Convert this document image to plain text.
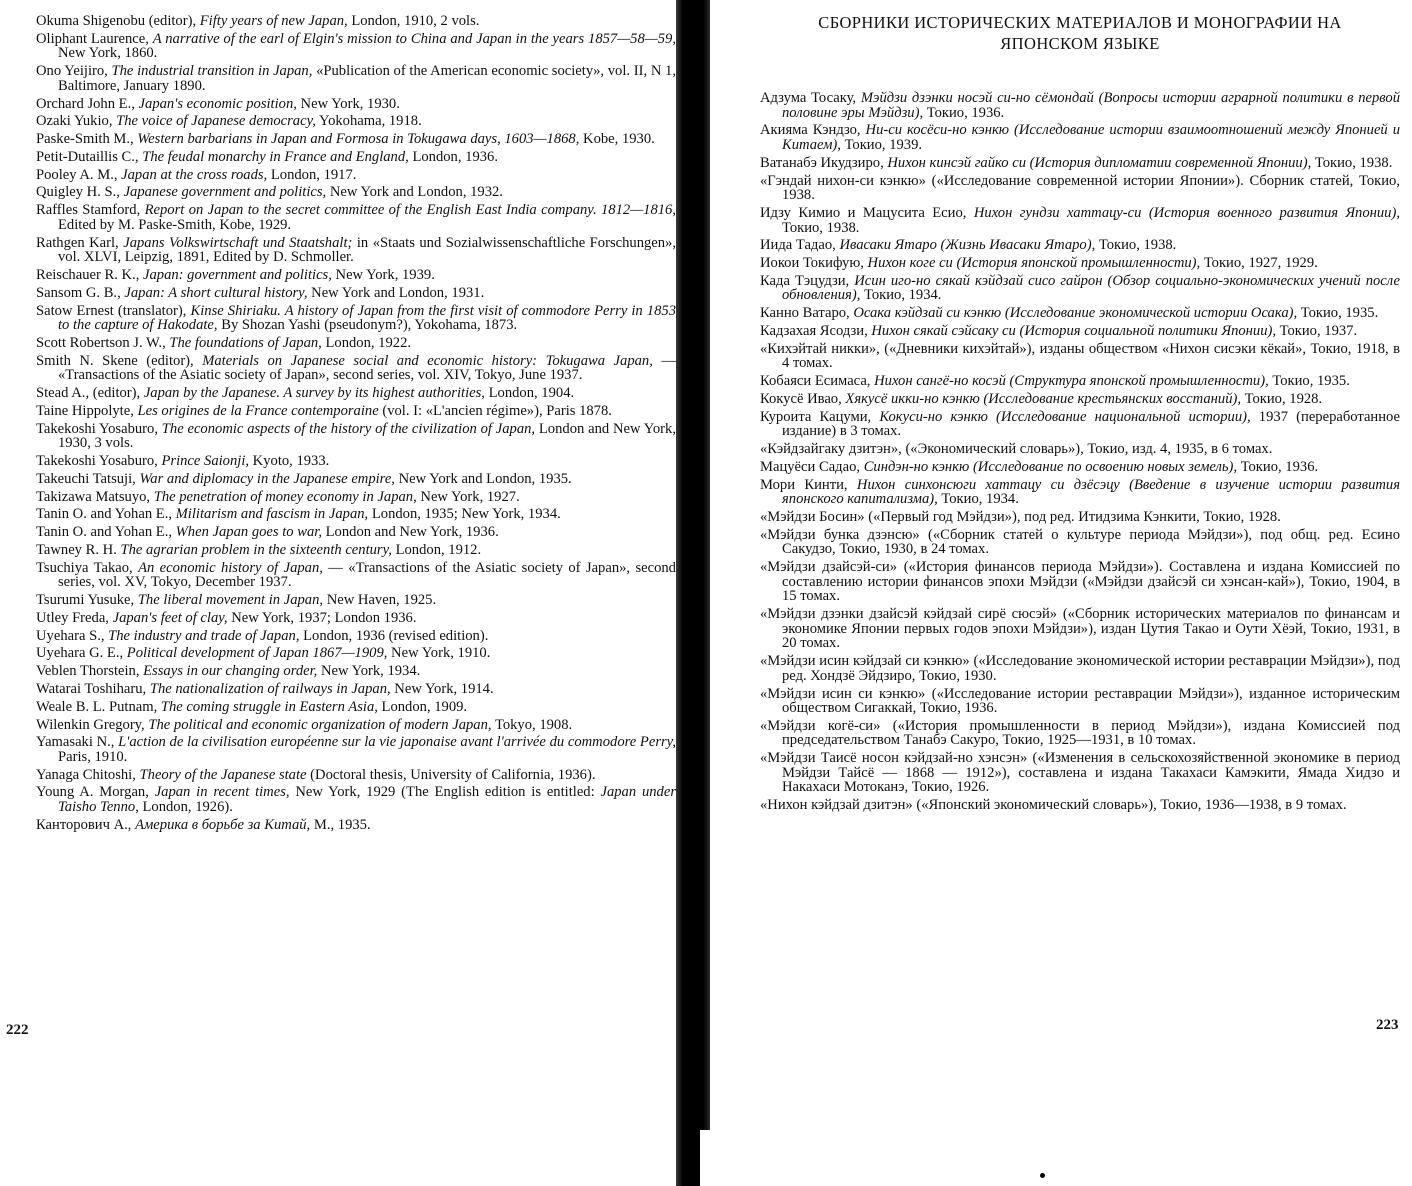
Okuma Shigenobu (editor), Fifty years of new Japan, London, 1910, 2 vols.

Oliphant Laurence, A narrative of the earl of Elgin's mission to China and Japan in the years 1857—58—59, New York, 1860.

Ono Yeijiro, The industrial transition in Japan, «Publication of the American economic society», vol. II, N 1, Baltimore, January 1890.

Orchard John E., Japan's economic position, New York, 1930.

Ozaki Yukio, The voice of Japanese democracy, Yokohama, 1918.

Paske-Smith M., Western barbarians in Japan and Formosa in Tokugawa days, 1603—1868, Kobe, 1930.

Petit-Dutaillis C., The feudal monarchy in France and England, London, 1936.

Pooley A. M., Japan at the cross roads, London, 1917.

Quigley H. S., Japanese government and politics, New York and London, 1932.

Raffles Stamford, Report on Japan to the secret committee of the English East India company. 1812—1816, Edited by M. Paske-Smith, Kobe, 1929.

Rathgen Karl, Japans Volkswirtschaft und Staatshalt; in «Staats und Sozialwissenschaftliche Forschungen», vol. XLVI, Leipzig, 1891, Edited by D. Schmoller.

Reischauer R. K., Japan: government and politics, New York, 1939.

Sansom G. B., Japan: A short cultural history, New York and London, 1931.

Satow Ernest (translator), Kinse Shiriaku. A history of Japan from the first visit of commodore Perry in 1853 to the capture of Hakodate, By Shozan Yashi (pseudonym?), Yokohama, 1873.

Scott Robertson J. W., The foundations of Japan, London, 1922.

Smith N. Skene (editor), Materials on Japanese social and economic history: Tokugawa Japan, — «Transactions of the Asiatic society of Japan», second series, vol. XIV, Tokyo, June 1937.

Stead A., (editor), Japan by the Japanese. A survey by its highest authorities, London, 1904.

Taine Hippolyte, Les origines de la France contemporaine (vol. I: «L'ancien régime»), Paris 1878.

Takekoshi Yosaburo, The economic aspects of the history of the civilization of Japan, London and New York, 1930, 3 vols.

Takekoshi Yosaburo, Prince Saionji, Kyoto, 1933.

Takeuchi Tatsuji, War and diplomacy in the Japanese empire, New York and London, 1935.

Takizawa Matsuyo, The penetration of money economy in Japan, New York, 1927.

Tanin O. and Yohan E., Militarism and fascism in Japan, London, 1935; New York, 1934.

Tanin O. and Yohan E., When Japan goes to war, London and New York, 1936.

Tawney R. H. The agrarian problem in the sixteenth century, London, 1912.

Tsuchiya Takao, An economic history of Japan, — «Transactions of the Asiatic society of Japan», second series, vol. XV, Tokyo, December 1937.

Tsurumi Yusuke, The liberal movement in Japan, New Haven, 1925.

Utley Freda, Japan's feet of clay, New York, 1937; London 1936.

Uyehara S., The industry and trade of Japan, London, 1936 (revised edition).

Uyehara G. E., Political development of Japan 1867—1909, New York, 1910.

Veblen Thorstein, Essays in our changing order, New York, 1934.

Watarai Toshiharu, The nationalization of railways in Japan, New York, 1914.

Weale B. L. Putnam, The coming struggle in Eastern Asia, London, 1909.

Wilenkin Gregory, The political and economic organization of modern Japan, Tokyo, 1908.

Yamasaki N., L'action de la civilisation européenne sur la vie japonaise avant l'arrivée du commodore Perry, Paris, 1910.

Yanaga Chitoshi, Theory of the Japanese state (Doctoral thesis, University of California, 1936).

Young A. Morgan, Japan in recent times, New York, 1929 (The English edition is entitled: Japan under Taisho Tenno, London, 1926).

Канторович А., Америка в борьбе за Китай, М., 1935.

222
СБОРНИКИ ИСТОРИЧЕСКИХ МАТЕРИАЛОВ И МОНОГРАФИИ НА ЯПОНСКОМ ЯЗЫКЕ

Адзума Тосаку, Мэйдзи дзэнки носэй си-но сёмондай (Вопросы истории аграрной политики в первой половине эры Мэйдзи), Токио, 1936.

Акияма Кэндзо, Ни-си косёси-но кэнкю (Исследование истории взаимоотношений между Японией и Китаем), Токио, 1939.

Ватанабэ Икудзиро, Нихон кинсэй гайко си (История дипломатии современной Японии), Токио, 1938.

«Гэндай нихон-си кэнкю» («Исследование современной истории Японии»). Сборник статей, Токио, 1938.

Идзу Кимио и Мацусита Есио, Нихон гундзи хаттацу-си (История военного развития Японии), Токио, 1938.

Иида Тадао, Ивасаки Ятаро (Жизнь Ивасаки Ятаро), Токио, 1938.

Иокои Токифую, Нихон коге си (История японской промышленности), Токио, 1927, 1929.

Када Тэцудзи, Исин иго-но сякай кэйдзай сисо гайрон (Обзор социально-экономических учений после обновления), Токио, 1934.

Канно Ватаро, Осака кэйдзай си кэнкю (Исследование экономической истории Осака), Токио, 1935.

Кадзахая Ясодзи, Нихон сякай сэйсаку си (История социальной политики Японии), Токио, 1937.

«Кихэйтай никки», («Дневники кихэйтай»), изданы обществом «Нихон сисэки кёкай», Токио, 1918, в 4 томах.

Кобаяси Есимаса, Нихон сангё-но косэй (Структура японской промышленности), Токио, 1935.

Кокусё Ивао, Хякусё икки-но кэнкю (Исследование крестьянских восстаний), Токио, 1928.

Куроита Кацуми, Кокуси-но кэнкю (Исследование национальной истории), 1937 (переработанное издание) в 3 томах.

«Кэйдзайгаку дзитэн», («Экономический словарь»), Токио, изд. 4, 1935, в 6 томах.

Мацуёси Садао, Синдэн-но кэнкю (Исследование по освоению новых земель), Токио, 1936.

Мори Кинти, Нихон синхонсюги хаттацу си дзёсэцу (Введение в изучение истории развития японского капитализма), Токио, 1934.

«Мэйдзи Босин» («Первый год Мэйдзи»), под ред. Итидзима Кэнкити, Токио, 1928.

«Мэйдзи бунка дзэнсю» («Сборник статей о культуре периода Мэйдзи»), под общ. ред. Есино Сакудзо, Токио, 1930, в 24 томах.

«Мэйдзи дзайсэй-си» («История финансов периода Мэйдзи»). Составлена и издана Комиссией по составлению истории финансов эпохи Мэйдзи («Мэйдзи дзайсэй си хэнсан-кай»), Токио, 1904, в 15 томах.

«Мэйдзи дзэнки дзайсэй кэйдзай сирё сюсэй» («Сборник исторических материалов по финансам и экономике Японии первых годов эпохи Мэйдзи»), издан Цутия Такао и Оути Хёэй, Токио, 1931, в 20 томах.

«Мэйдзи исин кэйдзай си кэнкю» («Исследование экономической истории реставрации Мэйдзи»), под ред. Хондзё Эйдзиро, Токио, 1930.

«Мэйдзи исин си кэнкю» («Исследование истории реставрации Мэйдзи»), изданное историческим обществом Сигаккай, Токио, 1936.

«Мэйдзи когё-си» («История промышленности в период Мэйдзи»), издана Комиссией под председательством Танабэ Сакуро, Токио, 1925—1931, в 10 томах.

«Мэйдзи Таисё носон кэйдзай-но хэнсэн» («Изменения в сельскохозяйственной экономике в период Мэйдзи Тайсё — 1868 — 1912»), составлена и издана Такахаси Камэкити, Ямада Хидзо и Накахаси Мотоканэ, Токио, 1926.

«Нихон кэйдзай дзитэн» («Японский экономический словарь»), Токио, 1936—1938, в 9 томах.

223
